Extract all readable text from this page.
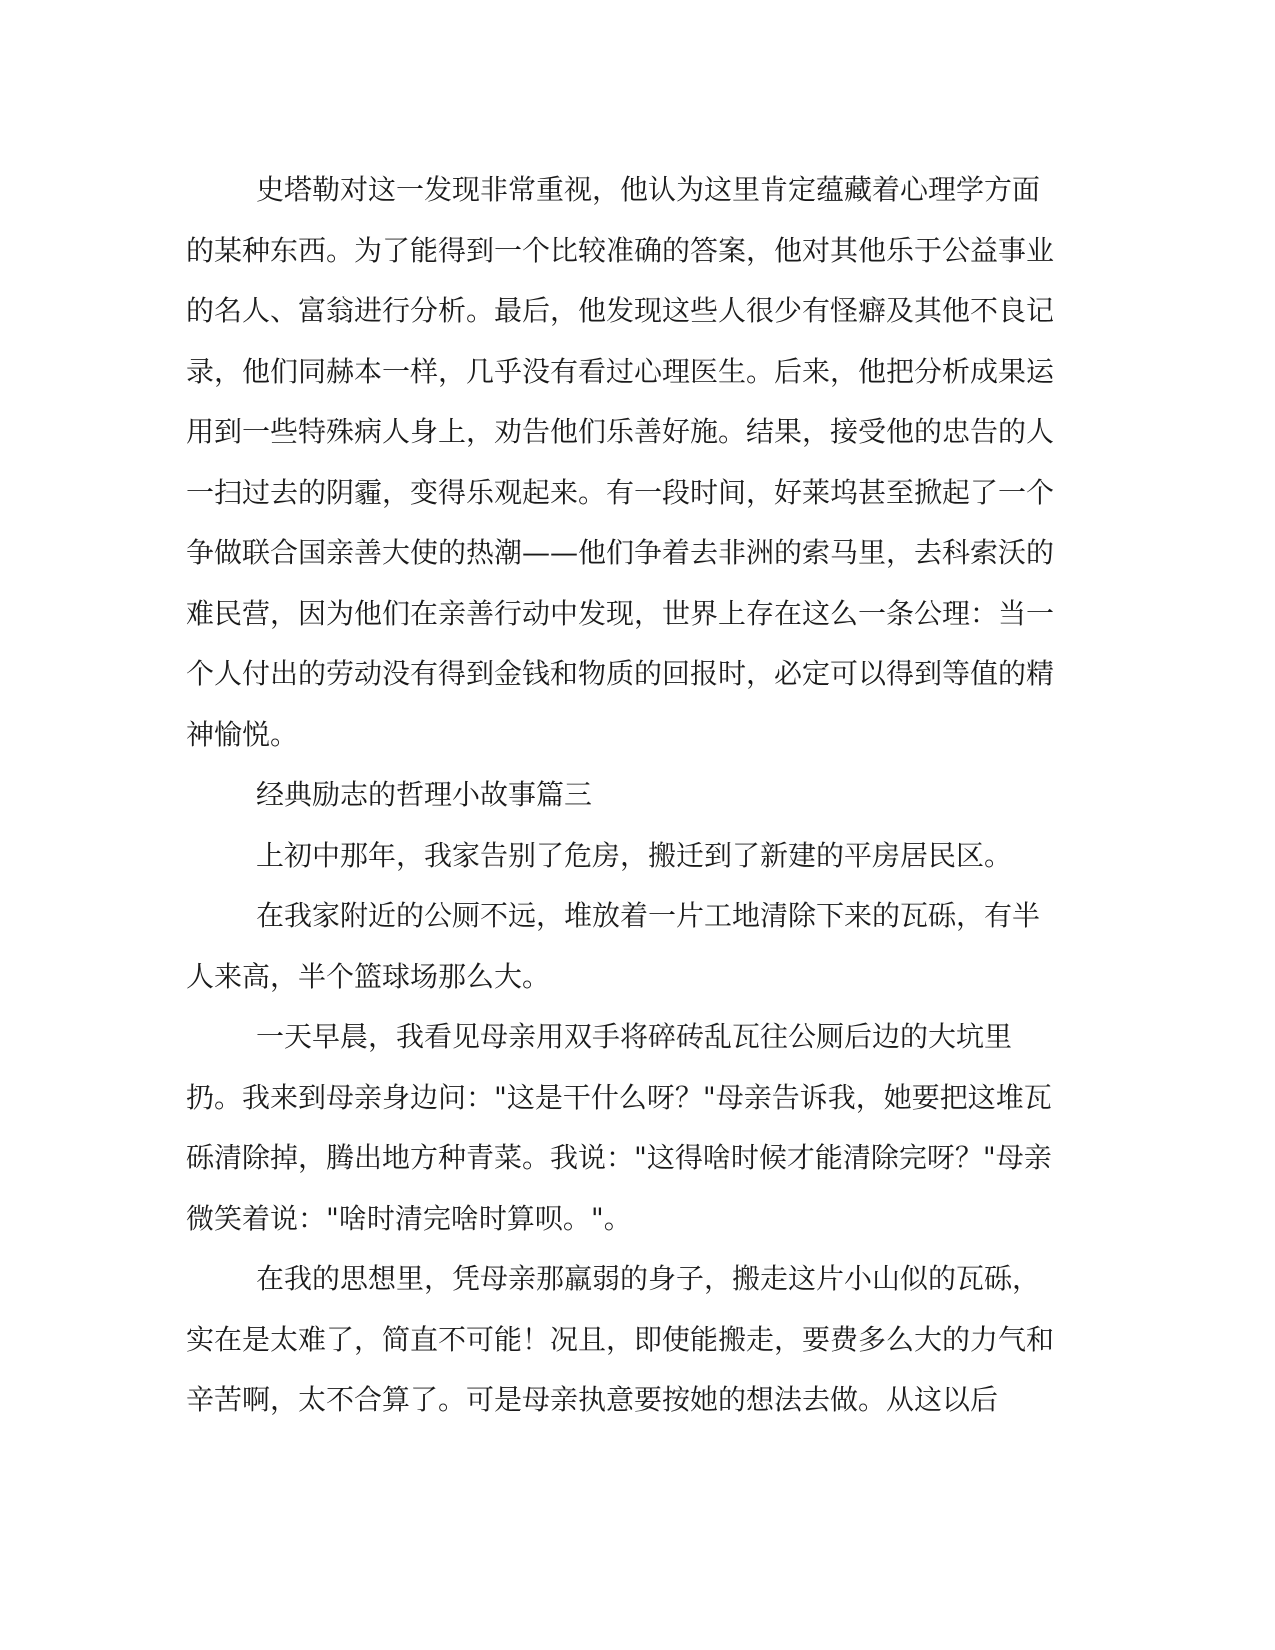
史塔勒对这一发现非常重视，他认为这里肯定蕴藏着心理学方面的某种东西。为了能得到一个比较准确的答案，他对其他乐于公益事业的名人、富翁进行分析。最后，他发现这些人很少有怪癖及其他不良记录，他们同赫本一样，几乎没有看过心理医生。后来，他把分析成果运用到一些特殊病人身上，劝告他们乐善好施。结果，接受他的忠告的人一扫过去的阴霾，变得乐观起来。有一段时间，好莱坞甚至掀起了一个争做联合国亲善大使的热潮——他们争着去非洲的索马里，去科索沃的难民营，因为他们在亲善行动中发现，世界上存在这么一条公理：当一个人付出的劳动没有得到金钱和物质的回报时，必定可以得到等值的精神愉悦。

经典励志的哲理小故事篇三

上初中那年，我家告别了危房，搬迁到了新建的平房居民区。

在我家附近的公厕不远，堆放着一片工地清除下来的瓦砾，有半人来高，半个篮球场那么大。

一天早晨，我看见母亲用双手将碎砖乱瓦往公厕后边的大坑里扔。我来到母亲身边问："这是干什么呀？"母亲告诉我，她要把这堆瓦砾清除掉，腾出地方种青菜。我说："这得啥时候才能清除完呀？"母亲微笑着说："啥时清完啥时算呗。"。

在我的思想里，凭母亲那羸弱的身子，搬走这片小山似的瓦砾，实在是太难了，简直不可能！况且，即使能搬走，要费多么大的力气和辛苦啊，太不合算了。可是母亲执意要按她的想法去做。从这以后
